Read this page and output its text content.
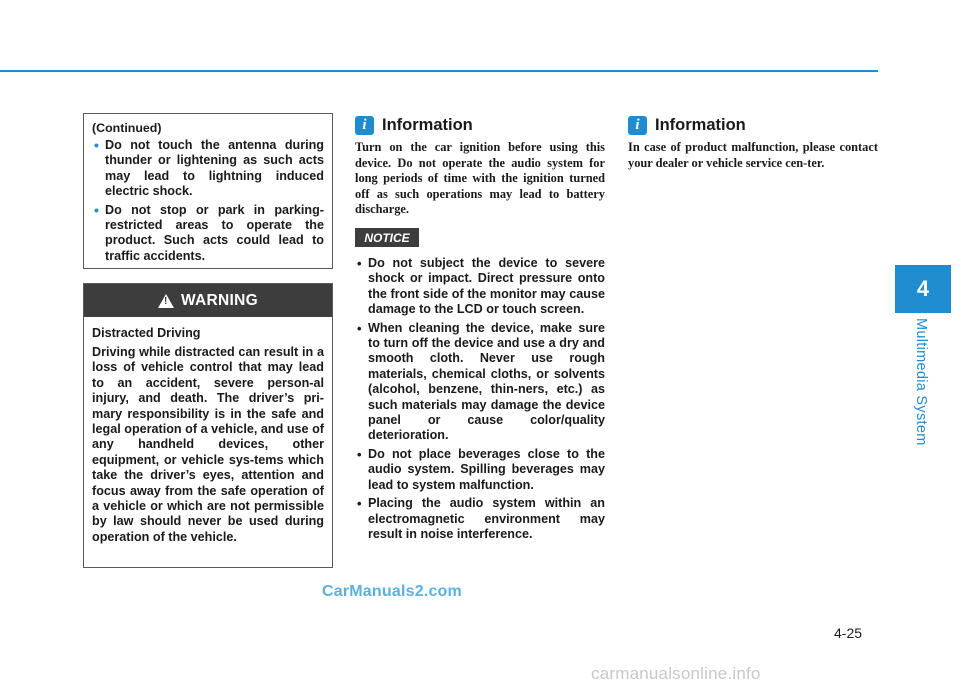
4
Multimedia System
(Continued)
• Do not touch the antenna during thunder or lightening as such acts may lead to lightning induced electric shock.
• Do not stop or park in parking-restricted areas to operate the product. Such acts could lead to traffic accidents.
!
WARNING
Distracted Driving
Driving while distracted can result in a loss of vehicle control that may lead to an accident, severe person-al injury, and death. The driver’s pri-mary responsibility is in the safe and legal operation of a vehicle, and use of any handheld devices, other equipment, or vehicle sys-tems which take the driver’s eyes, attention and focus away from the safe operation of a vehicle or which are not permissible by law should never be used during operation of the vehicle.
i Information
Turn on the car ignition before using this device. Do not operate the audio system for long periods of time with the ignition turned off as such operations may lead to battery discharge.
NOTICE
• Do not subject the device to severe shock or impact. Direct pressure onto the front side of the monitor may cause damage to the LCD or touch screen.
• When cleaning the device, make sure to turn off the device and use a dry and smooth cloth. Never use rough materials, chemical cloths, or solvents (alcohol, benzene, thin-ners, etc.) as such materials may damage the device panel or cause color/quality deterioration.
• Do not place beverages close to the audio system. Spilling beverages may lead to system malfunction.
• Placing the audio system within an electromagnetic environment may result in noise interference.
i Information
In case of product malfunction, please contact your dealer or vehicle service cen-ter.
CarManuals2.com
4-25
carmanualsonline.info
